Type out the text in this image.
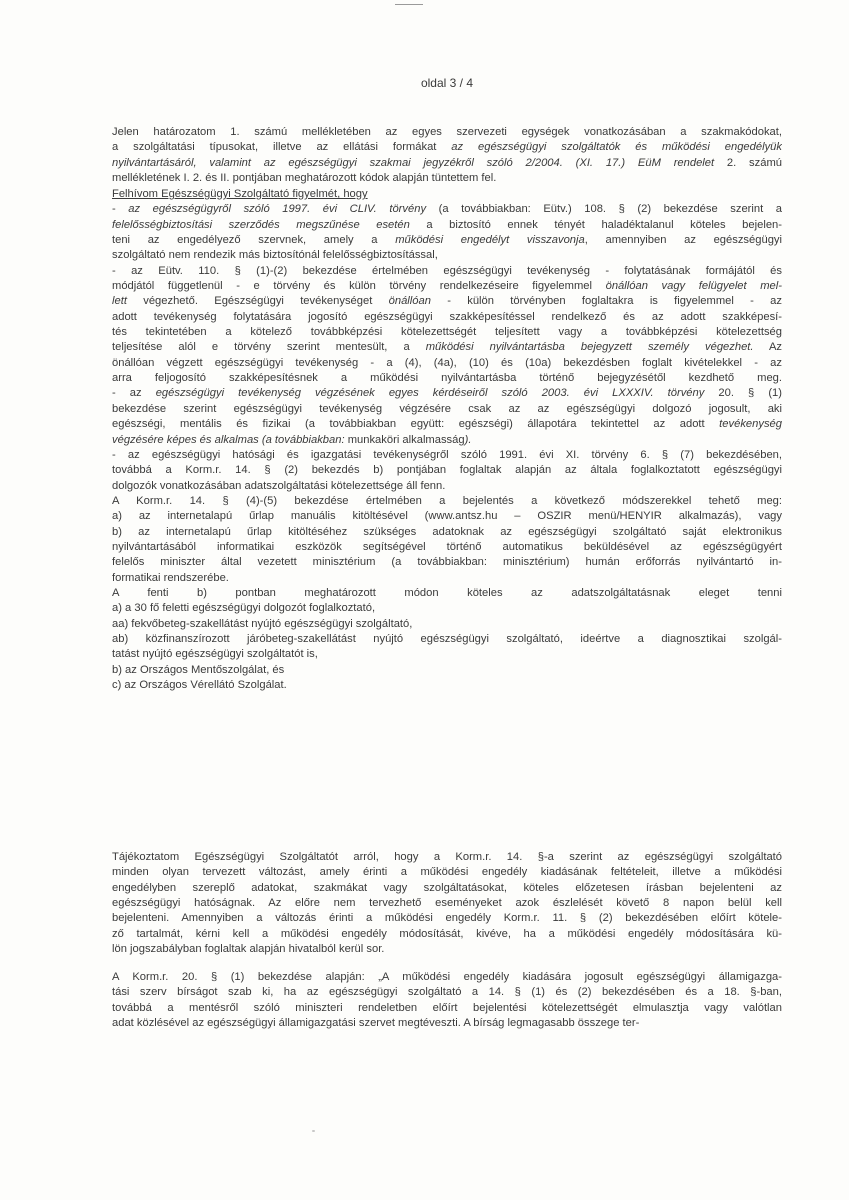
oldal 3 / 4
Jelen határozatom 1. számú mellékletében az egyes szervezeti egységek vonatkozásában a szakmakódokat,
a szolgáltatási típusokat, illetve az ellátási formákat az egészségügyi szolgáltatók és működési engedélyük
nyilvántartásáról, valamint az egészségügyi szakmai jegyzékről szóló 2/2004. (XI. 17.) EüM rendelet 2. számú
mellékletének I. 2. és II. pontjában meghatározott kódok alapján tüntettem fel.
Felhívom Egészségügyi Szolgáltató figyelmét, hogy
- az egészségügyről szóló 1997. évi CLIV. törvény (a továbbiakban: Eütv.) 108. § (2) bekezdése szerint a
felelősségbiztosítási szerződés megszűnése esetén a biztosító ennek tényét haladéktalanul köteles bejelen-
teni az engedélyező szervnek, amely a működési engedélyt visszavonja, amennyiben az egészségügyi
szolgáltató nem rendezik más biztosítónál felelősségbiztosítással,
- az Eütv. 110. § (1)-(2) bekezdése értelmében egészségügyi tevékenység - folytatásának formájától és
módjától függetlenül - e törvény és külön törvény rendelkezéseire figyelemmel önállóan vagy felügyelet mel-
lett végezhető. Egészségügyi tevékenységet önállóan - külön törvényben foglaltakra is figyelemmel - az
adott tevékenység folytatására jogosító egészségügyi szakképesítéssel rendelkező és az adott szakképesí-
tés tekintetében a kötelező továbbképzési kötelezettségét teljesített vagy a továbbképzési kötelezettség
teljesítése alól e törvény szerint mentesült, a működési nyilvántartásba bejegyzett személy végezhet. Az
önállóan végzett egészségügyi tevékenység - a (4), (4a), (10) és (10a) bekezdésben foglalt kivételekkel - az
arra feljogosító szakképesítésnek a működési nyilvántartásba történő bejegyzésétől kezdhető meg.
- az egészségügyi tevékenység végzésének egyes kérdéseiről szóló 2003. évi LXXXIV. törvény 20. § (1)
bekezdése szerint egészségügyi tevékenység végzésére csak az az egészségügyi dolgozó jogosult, aki
egészségi, mentális és fizikai (a továbbiakban együtt: egészségi) állapotára tekintettel az adott tevékenység
végzésére képes és alkalmas (a továbbiakban: munkaköri alkalmasság).
- az egészségügyi hatósági és igazgatási tevékenységről szóló 1991. évi XI. törvény 6. § (7) bekezdésében,
továbbá a Korm.r. 14. § (2) bekezdés b) pontjában foglaltak alapján az általa foglalkoztatott egészségügyi
dolgozók vonatkozásában adatszolgáltatási kötelezettsége áll fenn.
A Korm.r. 14. § (4)-(5) bekezdése értelmében a bejelentés a következő módszerekkel tehető meg:
a) az internetalapú űrlap manuális kitöltésével (www.antsz.hu – OSZIR menü/HENYIR alkalmazás), vagy
b) az internetalapú űrlap kitöltéséhez szükséges adatoknak az egészségügyi szolgáltató saját elektronikus
nyilvántartásából informatikai eszközök segítségével történő automatikus beküldésével az egészségügyért
felelős miniszter által vezetett minisztérium (a továbbiakban: minisztérium) humán erőforrás nyilvántartó in-
formatikai rendszerébe.
A fenti b) pontban meghatározott módon köteles az adatszolgáltatásnak eleget tenni
a) a 30 fő feletti egészségügyi dolgozót foglalkoztató,
aa) fekvőbeteg-szakellátást nyújtó egészségügyi szolgáltató,
ab) közfinanszírozott járóbeteg-szakellátást nyújtó egészségügyi szolgáltató, ideértve a diagnosztikai szolgál-
tatást nyújtó egészségügyi szolgáltatót is,
b) az Országos Mentőszolgálat, és
c) az Országos Vérellátó Szolgálat.
Tájékoztatom Egészségügyi Szolgáltatót arról, hogy a Korm.r. 14. §-a szerint az egészségügyi szolgáltató
minden olyan tervezett változást, amely érinti a működési engedély kiadásának feltételeit, illetve a működési
engedélyben szereplő adatokat, szakmákat vagy szolgáltatásokat, köteles előzetesen írásban bejelenteni az
egészségügyi hatóságnak. Az előre nem tervezhető eseményeket azok észlelését követő 8 napon belül kell
bejelenteni. Amennyiben a változás érinti a működési engedély Korm.r. 11. § (2) bekezdésében előírt kötele-
ző tartalmát, kérni kell a működési engedély módosítását, kivéve, ha a működési engedély módosítására kü-
lön jogszabályban foglaltak alapján hivatalból kerül sor.
A Korm.r. 20. § (1) bekezdése alapján: „A működési engedély kiadására jogosult egészségügyi államigazga-
tási szerv bírságot szab ki, ha az egészségügyi szolgáltató a 14. § (1) és (2) bekezdésében és a 18. §-ban,
továbbá a mentésről szóló miniszteri rendeletben előírt bejelentési kötelezettségét elmulasztja vagy valótlan
adat közlésével az egészségügyi államigazgatási szervet megtéveszti. A bírság legmagasabb összege ter-
